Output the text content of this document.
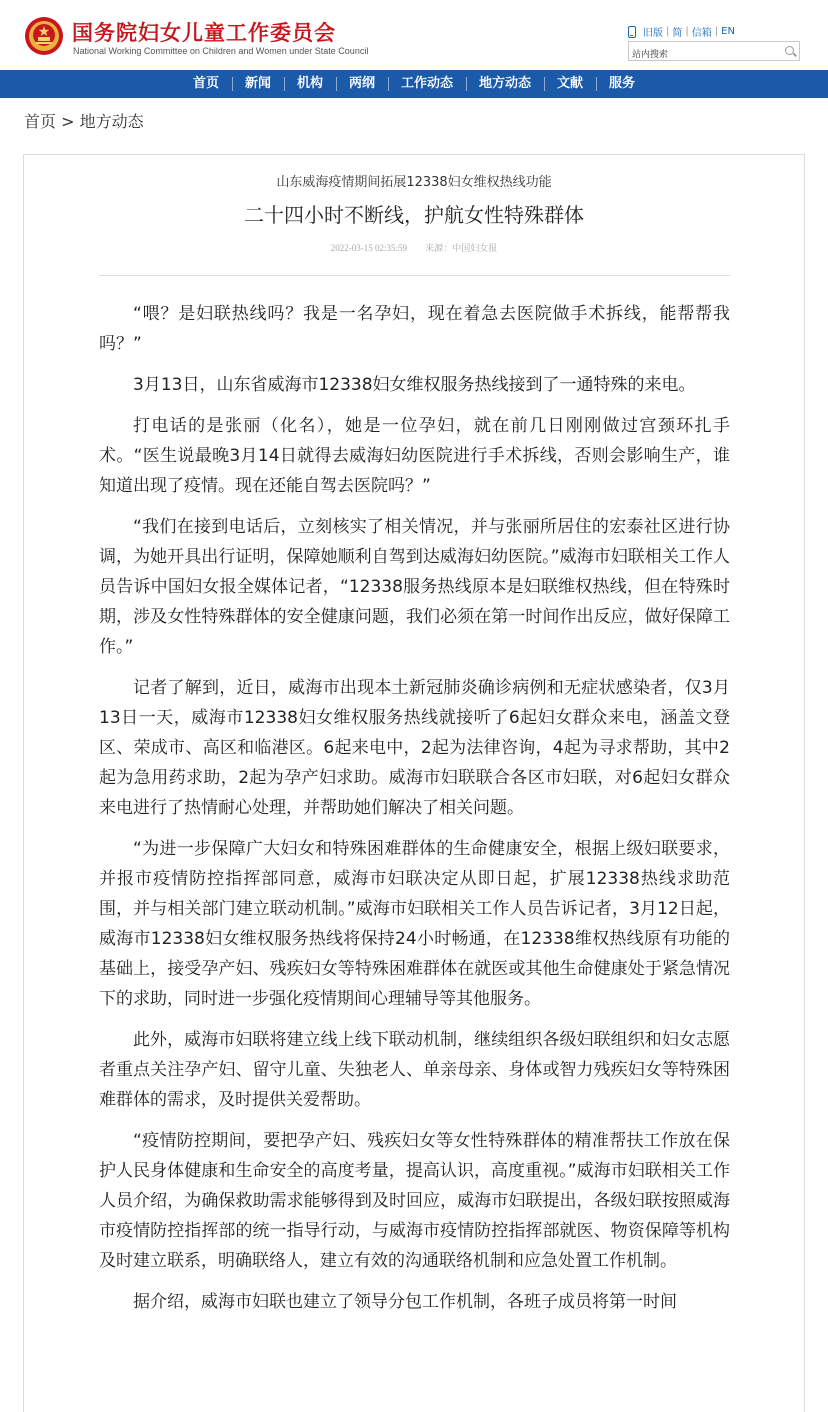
国务院妇女儿童工作委员会
National Working Committee on Children and Women under State Council
旧版 | 简 | 信箱 | EN
站内搜索
首页	新闻	机构	两纲	工作动态	地方动态	文献	服务
首页 > 地方动态
山东威海疫情期间拓展12338妇女维权热线功能
二十四小时不断线，护航女性特殊群体
2022-03-15 02:35:59 来源：中国妇女报

“喂？是妇联热线吗？我是一名孕妇，现在着急去医院做手术拆线，能帮帮我吗？”

3月13日，山东省威海市12338妇女维权服务热线接到了一通特殊的来电。

打电话的是张丽（化名），她是一位孕妇，就在前几日刚刚做过宫颈环扎手术。“医生说最晚3月14日就得去威海妇幼医院进行手术拆线，否则会影响生产，谁知道出现了疫情。现在还能自驾去医院吗？”

“我们在接到电话后，立刻核实了相关情况，并与张丽所居住的宏泰社区进行协调，为她开具出行证明，保障她顺利自驾到达威海妇幼医院。”威海市妇联相关工作人员告诉中国妇女报全媒体记者，“12338服务热线原本是妇联维权热线，但在特殊时期，涉及女性特殊群体的安全健康问题，我们必须在第一时间作出反应，做好保障工作。”

记者了解到，近日，威海市出现本土新冠肺炎确诊病例和无症状感染者，仅3月13日一天，威海市12338妇女维权服务热线就接听了6起妇女群众来电，涵盖文登区、荣成市、高区和临港区。6起来电中，2起为法律咨询，4起为寻求帮助，其中2起为急用药求助，2起为孕产妇求助。威海市妇联联合各区市妇联，对6起妇女群众来电进行了热情耐心处理，并帮助她们解决了相关问题。

“为进一步保障广大妇女和特殊困难群体的生命健康安全，根据上级妇联要求，并报市疫情防控指挥部同意，威海市妇联决定从即日起，扩展12338热线求助范围，并与相关部门建立联动机制。”威海市妇联相关工作人员告诉记者，3月12日起，威海市12338妇女维权服务热线将保持24小时畅通，在12338维权热线原有功能的基础上，接受孕产妇、残疾妇女等特殊困难群体在就医或其他生命健康处于紧急情况下的求助，同时进一步强化疫情期间心理辅导等其他服务。

此外，威海市妇联将建立线上线下联动机制，继续组织各级妇联组织和妇女志愿者重点关注孕产妇、留守儿童、失独老人、单亲母亲、身体或智力残疾妇女等特殊困难群体的需求，及时提供关爱帮助。

“疫情防控期间，要把孕产妇、残疾妇女等女性特殊群体的精准帮扶工作放在保护人民身体健康和生命安全的高度考量，提高认识，高度重视。”威海市妇联相关工作人员介绍，为确保救助需求能够得到及时回应，威海市妇联提出，各级妇联按照威海市疫情防控指挥部的统一指导行动，与威海市疫情防控指挥部就医、物资保障等机构及时建立联系，明确联络人，建立有效的沟通联络机制和应急处置工作机制。

据介绍，威海市妇联也建立了领导分包工作机制，各班子成员将第一时间
